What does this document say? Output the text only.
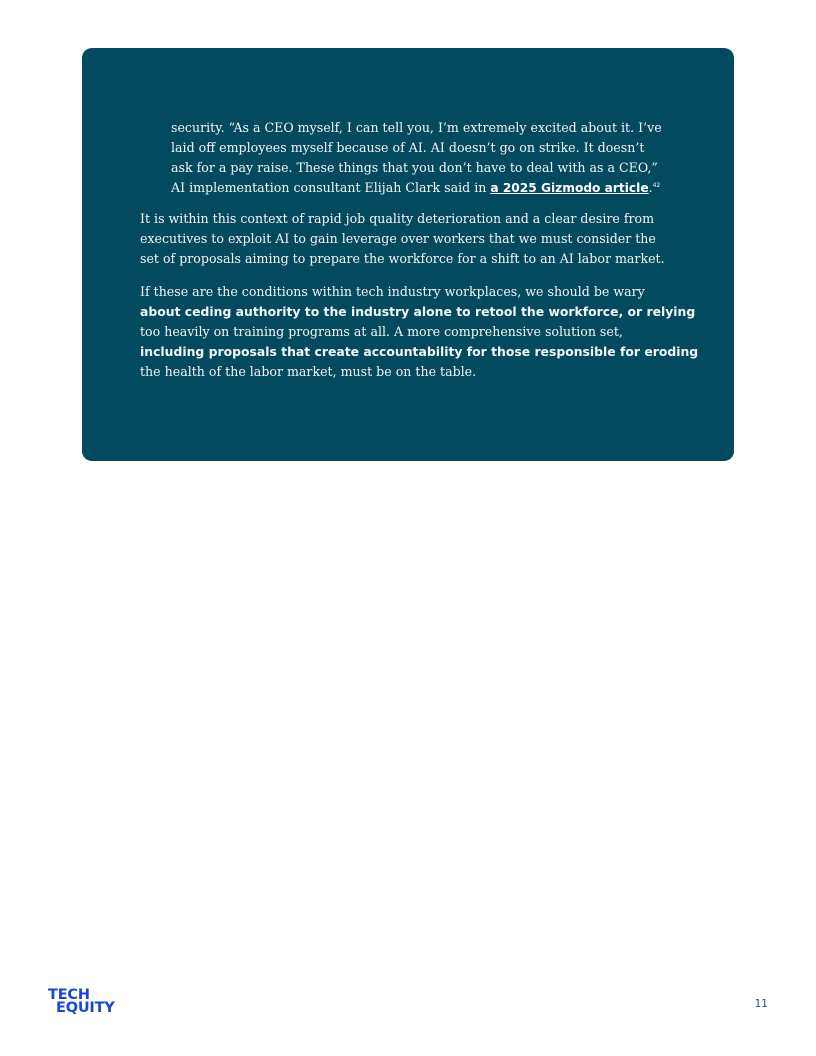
security. “As a CEO myself, I can tell you, I’m extremely excited about it. I’ve
laid off employees myself because of AI. AI doesn’t go on strike. It doesn’t
ask for a pay raise. These things that you don’t have to deal with as a CEO,”
AI implementation consultant Elijah Clark said in a 2025 Gizmodo article.$^{42}$

It is within this context of rapid job quality deterioration and a clear desire from
executives to exploit AI to gain leverage over workers that we must consider the
set of proposals aiming to prepare the workforce for a shift to an AI labor market.

If these are the conditions within tech industry workplaces, we should be wary
about ceding authority to the industry alone to retool the workforce, or relying
too heavily on training programs at all. A more comprehensive solution set,
including proposals that create accountability for those responsible for eroding
the health of the labor market, must be on the table.

TECH
EQUITY	11
